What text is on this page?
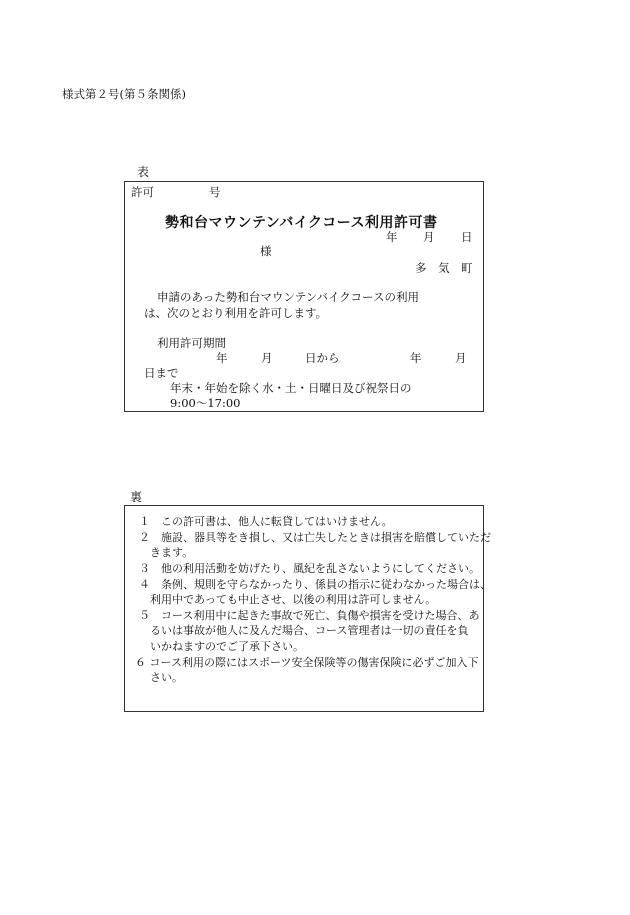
様式第２号(第５条関係)
表
許可	号
勢和台マウンテンバイクコース利用許可書
年 月 日
様
多　気　町
申請のあった勢和台マウンテンバイクコースの利用
は、次のとおり利用を許可します。
利用許可期間
年	月	日から	年	月
日まで
年末・年始を除く水・土・日曜日及び祝祭日の
9:00～17:00
裏
１　この許可書は、他人に転貸してはいけません。
２　施設、器具等をき損し、又は亡失したときは損害を賠償していただ
　きます。
３　他の利用活動を妨げたり、風紀を乱さないようにしてください。
４　条例、規則を守らなかったり、係員の指示に従わなかった場合は、
　利用中であっても中止させ、以後の利用は許可しません。
５　コース利用中に起きた事故で死亡、負傷や損害を受けた場合、あ
　るいは事故が他人に及んだ場合、コース管理者は一切の責任を負
　いかねますのでご了承下さい。
６ コース利用の際にはスポーツ安全保険等の傷害保険に必ずご加入下
　さい。
